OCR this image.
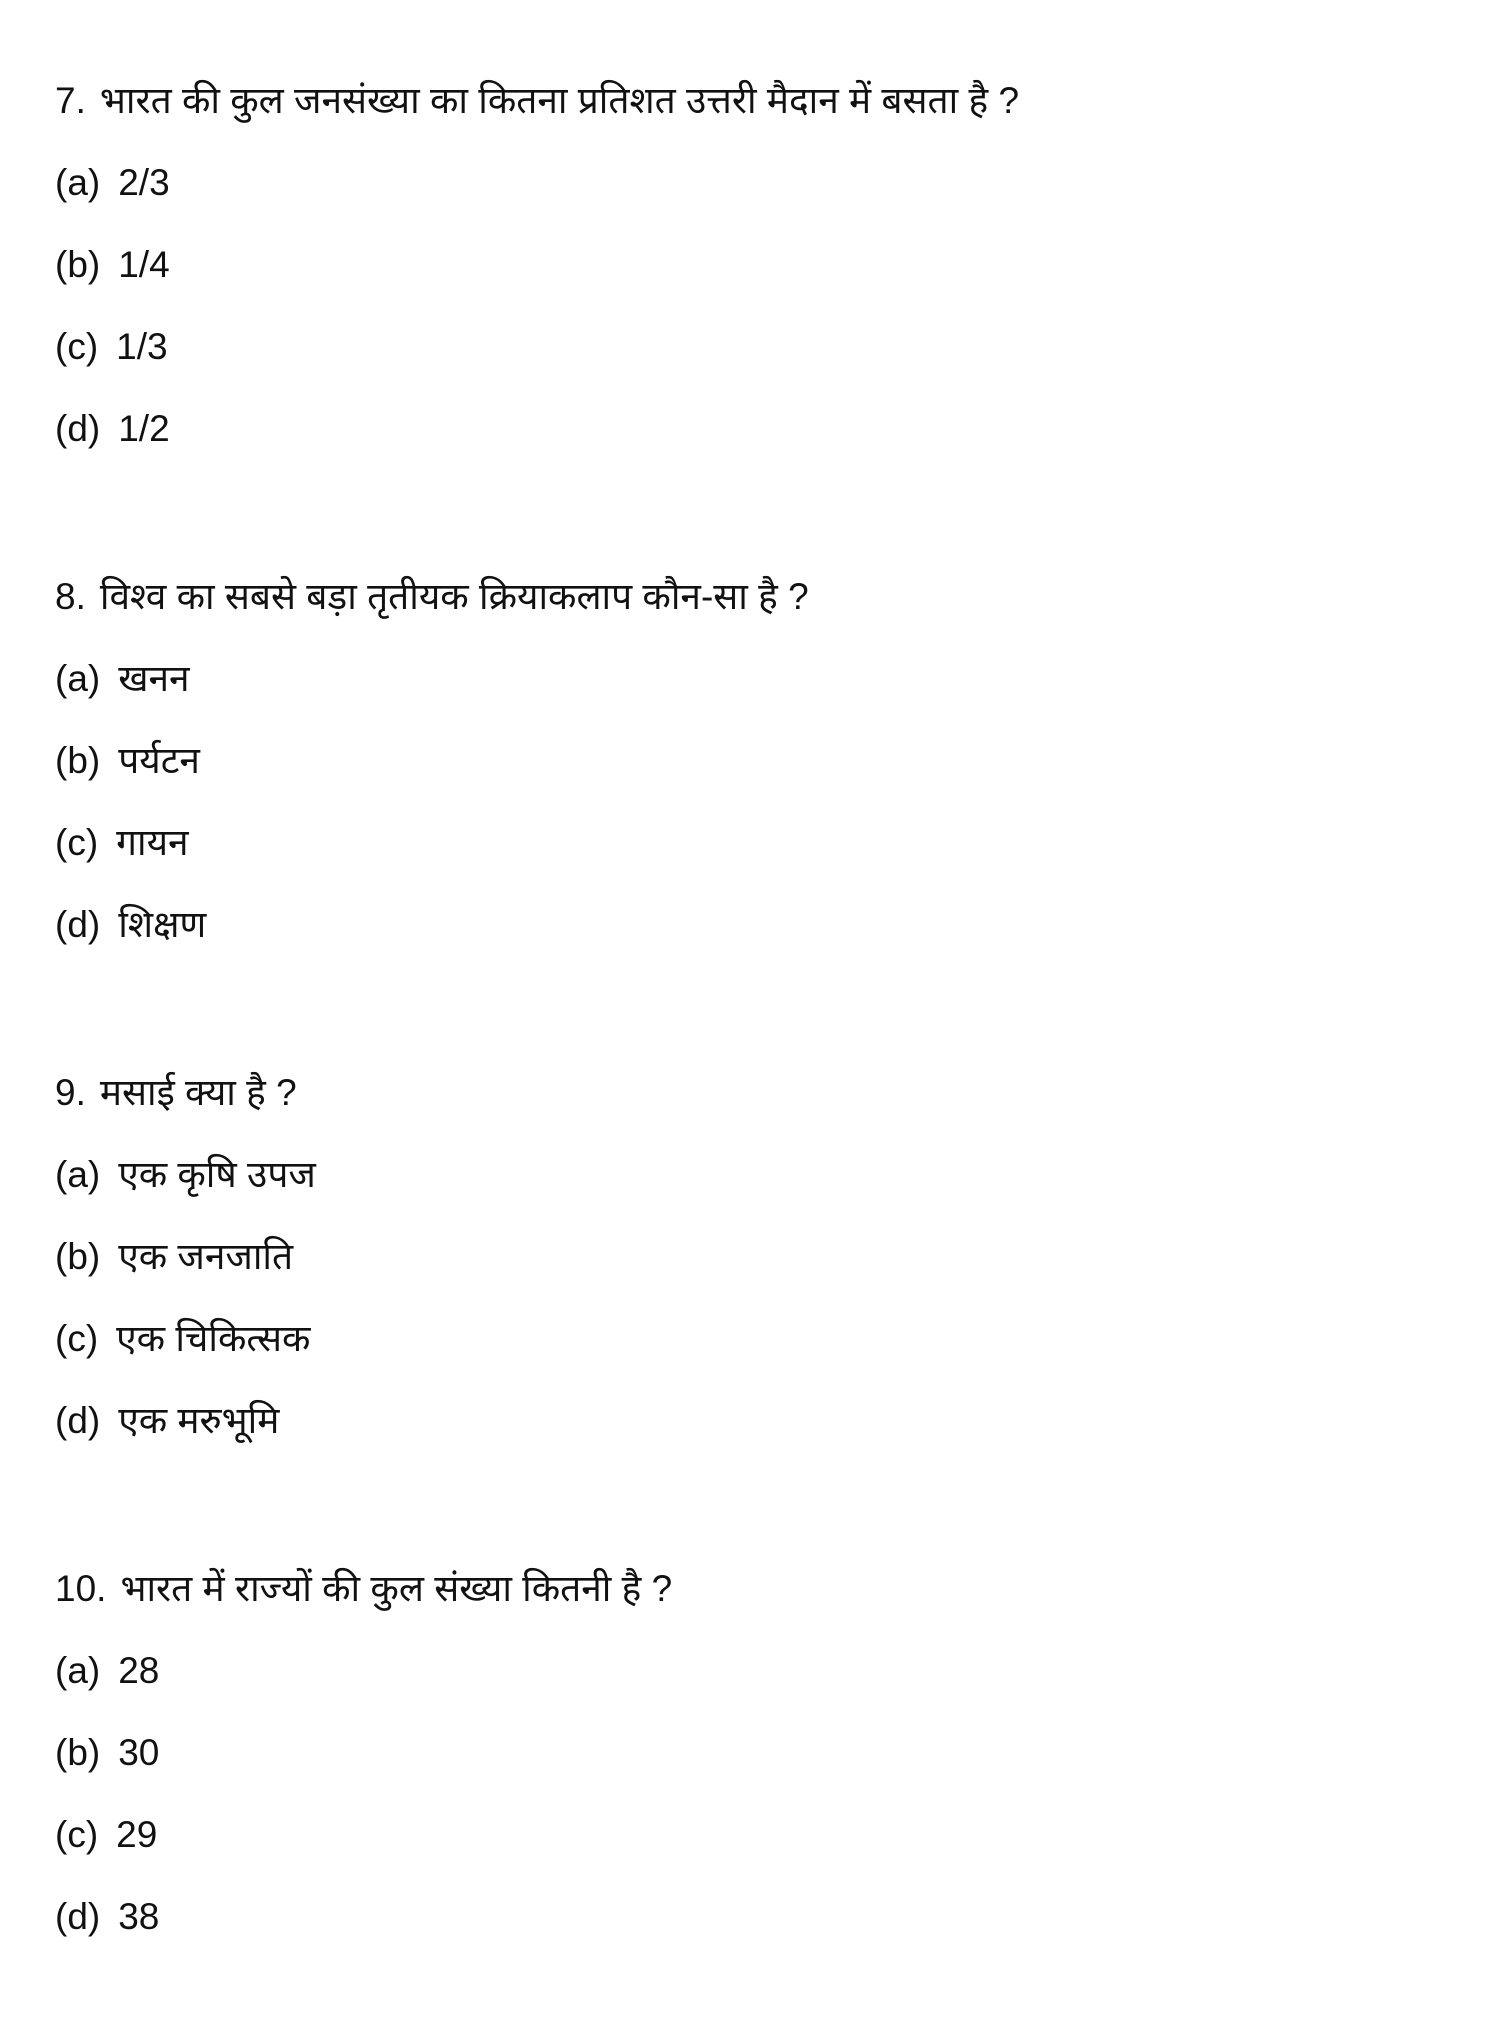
7. भारत की कुल जनसंख्या का कितना प्रतिशत उत्तरी मैदान में बसता है ?
(a) 2/3
(b) 1/4
(c) 1/3
(d) 1/2
8. विश्व का सबसे बड़ा तृतीयक क्रियाकलाप कौन-सा है ?
(a) खनन
(b) पर्यटन
(c) गायन
(d) शिक्षण
9. मसाई क्या है ?
(a) एक कृषि उपज
(b) एक जनजाति
(c) एक चिकित्सक
(d) एक मरुभूमि
10. भारत में राज्यों की कुल संख्या कितनी है ?
(a) 28
(b) 30
(c) 29
(d) 38
